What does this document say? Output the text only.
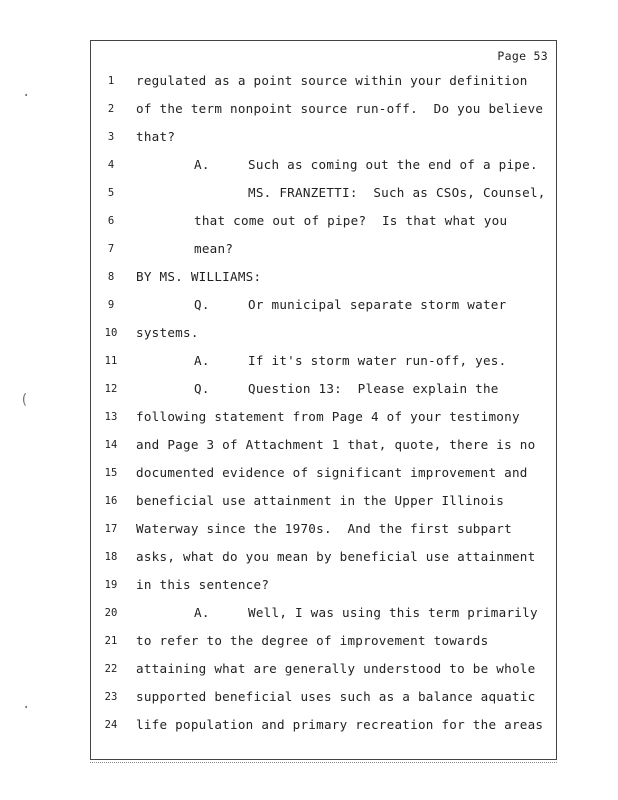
Page 53
1	regulated as a point source within your definition
2	of the term nonpoint source run-off.  Do you believe
3	that?
4	A.	Such as coming out the end of a pipe.
5	MS. FRANZETTI:  Such as CSOs, Counsel,
6	that come out of pipe?  Is that what you
7	mean?
8	BY MS. WILLIAMS:
9	Q.	Or municipal separate storm water
10 systems.
11	A.	If it's storm water run-off, yes.
12	Q.	Question 13:  Please explain the
13 following statement from Page 4 of your testimony
14 and Page 3 of Attachment 1 that, quote, there is no
15 documented evidence of significant improvement and
16 beneficial use attainment in the Upper Illinois
17 Waterway since the 1970s.  And the first subpart
18 asks, what do you mean by beneficial use attainment
19 in this sentence?
20	A.	Well, I was using this term primarily
21 to refer to the degree of improvement towards
22 attaining what are generally understood to be whole
23 supported beneficial uses such as a balance aquatic
24 life population and primary recreation for the areas
·
(
·
